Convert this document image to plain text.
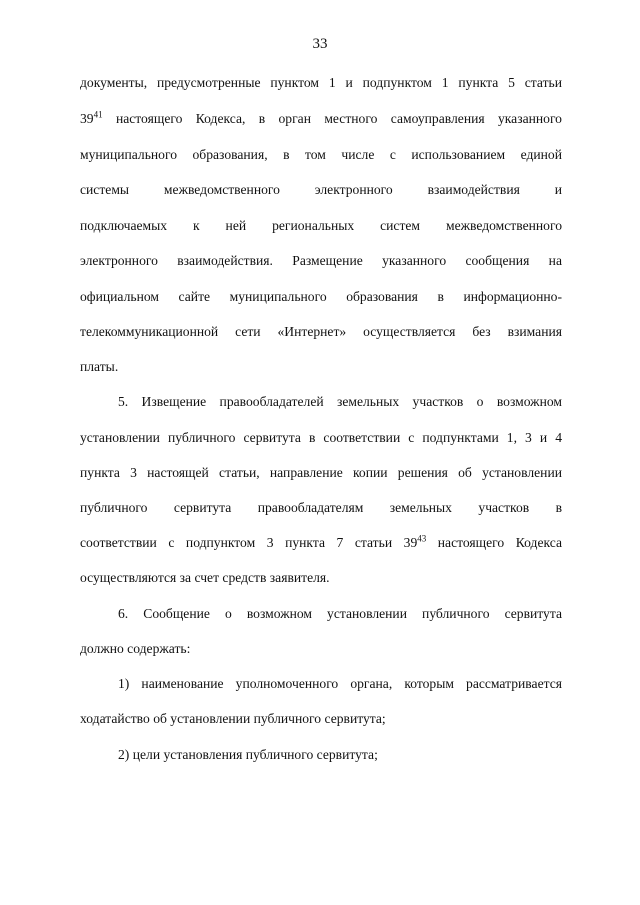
33
документы, предусмотренные пунктом 1 и подпунктом 1 пункта 5 статьи
$39^{41}$ настоящего Кодекса, в орган местного самоуправления указанного
муниципального образования, в том числе с использованием единой
системы межведомственного электронного взаимодействия и
подключаемых к ней региональных систем межведомственного
электронного взаимодействия. Размещение указанного сообщения на
официальном сайте муниципального образования в информационно-
телекоммуникационной сети «Интернет» осуществляется без взимания
платы.
5. Извещение правообладателей земельных участков о возможном
установлении публичного сервитута в соответствии с подпунктами 1, 3 и 4
пункта 3 настоящей статьи, направление копии решения об установлении
публичного сервитута правообладателям земельных участков в
соответствии с подпунктом 3 пункта 7 статьи $39^{43}$ настоящего Кодекса
осуществляются за счет средств заявителя.
6. Сообщение о возможном установлении публичного сервитута
должно содержать:
1) наименование уполномоченного органа, которым рассматривается
ходатайство об установлении публичного сервитута;
2) цели установления публичного сервитута;
